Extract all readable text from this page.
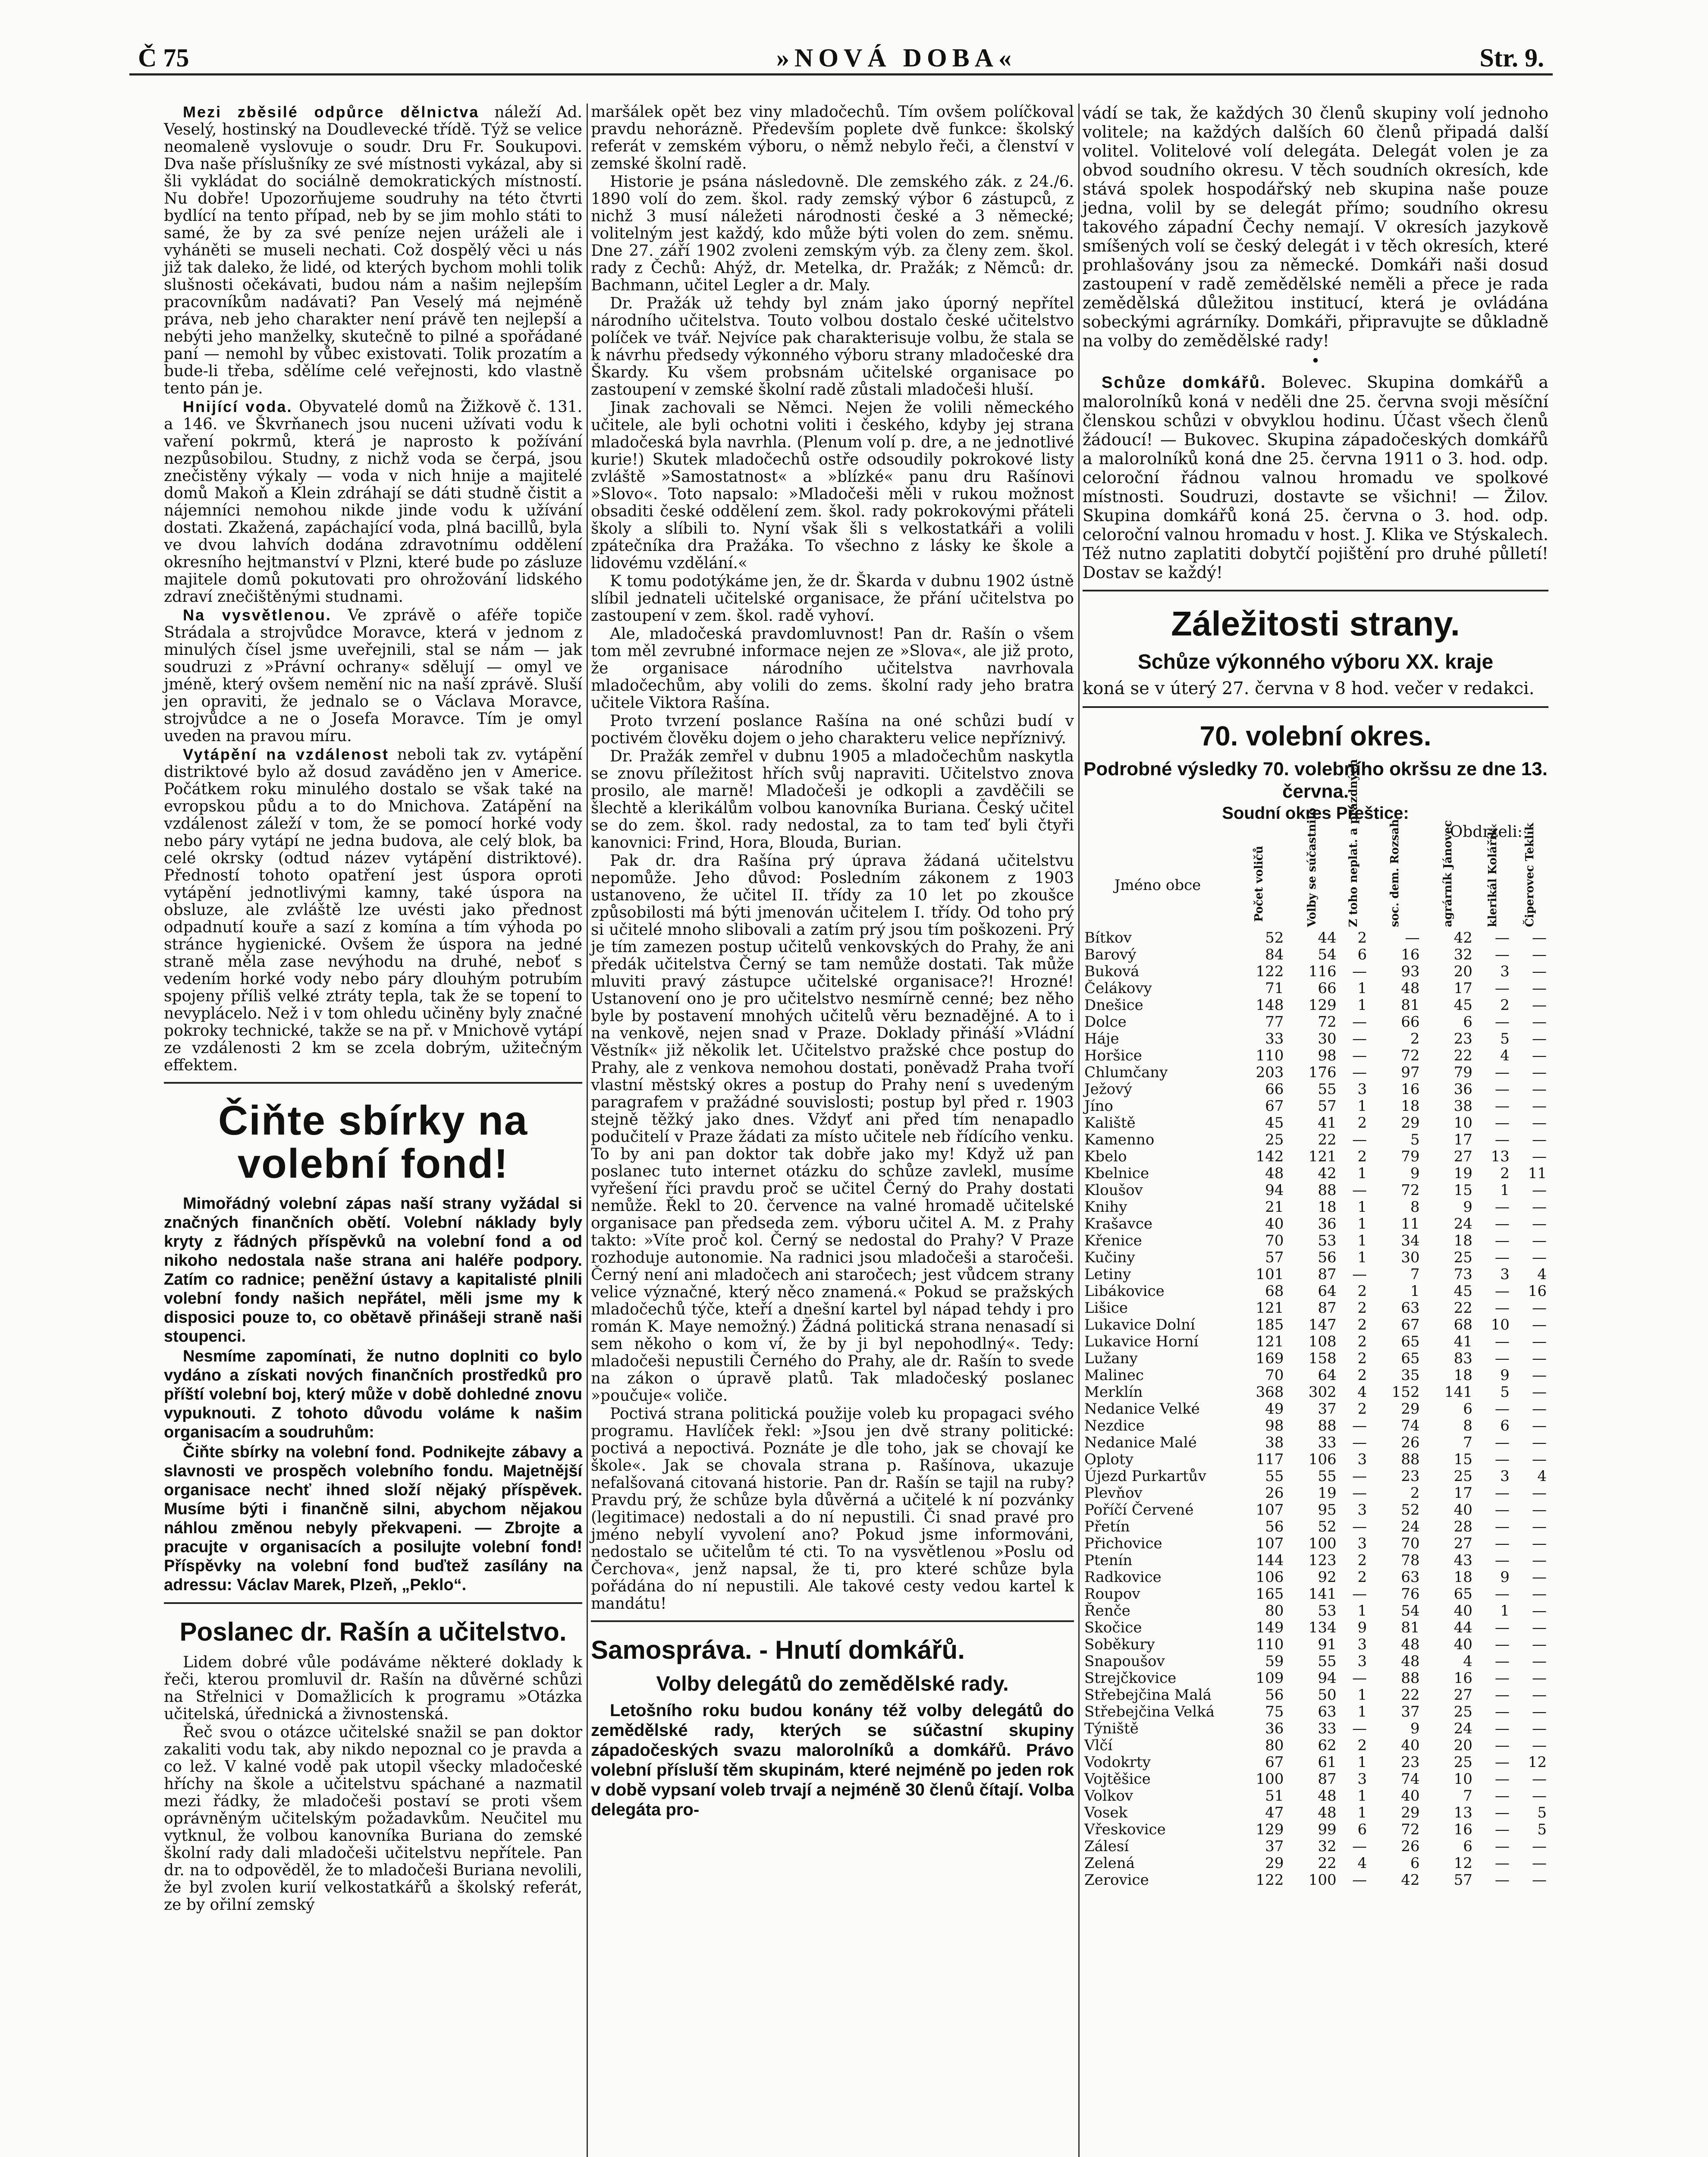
Č 75	»NOVÁ DOBA«	Str. 9.

Mezi zběsilé odpůrce dělnictva náleží Ad. Veselý, hostinský na Doudlevecké třídě. Týž se velice neomaleně vyslovuje o soudr. Dru Fr. Soukupovi. Dva naše příslušníky ze své místnosti vykázal, aby si šli vykládat do sociálně demokratických místností. Nu dobře! Upozorňujeme soudruhy na této čtvrti bydlící na tento případ, neb by se jim mohlo státi to samé, že by za své peníze nejen uráželi ale i vyháněti se museli nechati. Což dospělý věci u nás již tak daleko, že lidé, od kterých bychom mohli tolik slušnosti očekávati, budou nám a našim nejlepším pracovníkům nadávati? Pan Veselý má nejméně práva, neb jeho charakter není právě ten nejlepší a nebýti jeho manželky, skutečně to pilné a spořádané paní — nemohl by vůbec existovati. Tolik prozatím a bude-li třeba, sdělíme celé veřejnosti, kdo vlastně tento pán je.

Hnijící voda. Obyvatelé domů na Žižkově č. 131. a 146. ve Škvrňanech jsou nuceni užívati vodu k vaření pokrmů, která je naprosto k požívání nezpůsobilou. Studny, z nichž voda se čerpá, jsou znečistěny výkaly — voda v nich hnije a majitelé domů Makoň a Klein zdráhají se dáti studně čistit a nájemníci nemohou nikde jinde vodu k užívání dostati. Zkažená, zapáchající voda, plná bacillů, byla ve dvou lahvích dodána zdravotnímu oddělení okresního hejtmanství v Plzni, které bude po zásluze majitele domů pokutovati pro ohrožování lidského zdraví znečištěnými studnami.

Na vysvětlenou. Ve zprávě o aféře topiče Strádala a strojvůdce Moravce, která v jednom z minulých čísel jsme uveřejnili, stal se nám — jak soudruzi z »Právní ochrany« sdělují — omyl ve jméně, který ovšem nemění nic na naší zprávě. Sluší jen opraviti, že jednalo se o Václava Moravce, strojvůdce a ne o Josefa Moravce. Tím je omyl uveden na pravou míru.

Vytápění na vzdálenost neboli tak zv. vytápění distriktové bylo až dosud zaváděno jen v Americe. Počátkem roku minulého dostalo se však také na evropskou půdu a to do Mnichova. Zatápění na vzdálenost záleží v tom, že se pomocí horké vody nebo páry vytápí ne jedna budova, ale celý blok, ba celé okrsky (odtud název vytápění distriktové). Předností tohoto opatření jest úspora oproti vytápění jednotlivými kamny, také úspora na obsluze, ale zvláště lze uvésti jako přednost odpadnutí kouře a sazí z komína a tím výhoda po stránce hygienické. Ovšem že úspora na jedné straně měla zase nevýhodu na druhé, neboť s vedením horké vody nebo páry dlouhým potrubím spojeny příliš velké ztráty tepla, tak že se topení to nevyplácelo. Než i v tom ohledu učiněny byly značné pokroky technické, takže se na př. v Mnichově vytápí ze vzdálenosti 2 km se zcela dobrým, užitečným effektem.

Čiňte sbírky na volební fond!

Mimořádný volební zápas naší strany vyžádal si značných finančních obětí. Volební náklady byly kryty z řádných příspěvků na volební fond a od nikoho nedostala naše strana ani haléře podpory. Zatím co radnice; peněžní ústavy a kapitalisté plnili volební fondy našich nepřátel, měli jsme my k disposici pouze to, co obětavě přinášeji straně naši stoupenci.

Nesmíme zapomínati, že nutno doplniti co bylo vydáno a získati nových finančních prostředků pro příští volební boj, který může v době dohledné znovu vypuknouti. Z tohoto důvodu voláme k našim organisacím a soudruhům:

Čiňte sbírky na volební fond. Podnikejte zábavy a slavnosti ve prospěch volebního fondu. Majetnější organisace nechť ihned složí nějaký příspěvek. Musíme býti i finančně silni, abychom nějakou náhlou změnou nebyly překvapeni. — Zbrojte a pracujte v organisacích a posilujte volební fond! Příspěvky na volební fond buďtež zasílány na adressu: Václav Marek, Plzeň, „Peklo“.

Poslanec dr. Rašín a učitelstvo.

Lidem dobré vůle podáváme některé doklady k řeči, kterou promluvil dr. Rašín na důvěrné schůzi na Střelnici v Domažlicích k programu »Otázka učitelská, úřednická a živnostenská.

Řeč svou o otázce učitelské snažil se pan doktor zakaliti vodu tak, aby nikdo nepoznal co je pravda a co lež. V kalné vodě pak utopil všecky mladočeské hříchy na škole a učitelstvu spáchané a nazmatil mezi řádky, že mladočeši postaví se proti všem oprávněným učitelským požadavkům. Neučitel mu vytknul, že volbou kanovníka Buriana do zemské školní rady dali mladočeši učitelstvu nepřítele. Pan dr. na to odpověděl, že to mladočeši Buriana nevolili, že byl zvolen kurií velkostatkářů a školský referát, ze by ořilní zemský

maršálek opět bez viny mladočechů. Tím ovšem políčkoval pravdu nehorázně. Především poplete dvě funkce: školský referát v zemském výboru, o němž nebylo řeči, a členství v zemské školní radě.

Historie je psána následovně. Dle zemského zák. z 24./6. 1890 volí do zem. škol. rady zemský výbor 6 zástupců, z nichž 3 musí náležeti národnosti české a 3 německé; volitelným jest každý, kdo může býti volen do zem. sněmu. Dne 27. září 1902 zvoleni zemským výb. za členy zem. škol. rady z Čechů: Ahýž, dr. Metelka, dr. Pražák; z Němců: dr. Bachmann, učitel Legler a dr. Maly.

Dr. Pražák už tehdy byl znám jako úporný nepřítel národního učitelstva. Touto volbou dostalo české učitelstvo políček ve tvář. Nejvíce pak charakterisuje volbu, že stala se k návrhu předsedy výkonného výboru strany mladočeské dra Škardy. Ku všem probsnám učitelské organisace po zastoupení v zemské školní radě zůstali mladočeši hluší.

Jinak zachovali se Němci. Nejen že volili německého učitele, ale byli ochotni voliti i českého, kdyby jej strana mladočeská byla navrhla. (Plenum volí p. dre, a ne jednotlivé kurie!) Skutek mladočechů ostře odsoudily pokrokové listy zvláště »Samostatnost« a »blízké« panu dru Rašínovi »Slovo«. Toto napsalo: »Mladočeši měli v rukou možnost obsaditi české oddělení zem. škol. rady pokrokovými přáteli školy a slíbili to. Nyní však šli s velkostatkáři a volili zpátečníka dra Pražáka. To všechno z lásky ke škole a lidovému vzdělání.«

K tomu podotýkáme jen, že dr. Škarda v dubnu 1902 ústně slíbil jednateli učitelské organisace, že přání učitelstva po zastoupení v zem. škol. radě vyhoví.

Ale, mladočeská pravdomluvnost! Pan dr. Rašín o všem tom měl zevrubné informace nejen ze »Slova«, ale již proto, že organisace národního učitelstva navrhovala mladočechům, aby volili do zems. školní rady jeho bratra učitele Viktora Rašína.

Proto tvrzení poslance Rašína na oné schůzi budí v poctivém člověku dojem o jeho charakteru velice nepříznivý.

Dr. Pražák zemřel v dubnu 1905 a mladočechům naskytla se znovu příležitost hřích svůj napraviti. Učitelstvo znova prosilo, ale marně! Mladočeši je odkopli a zavděčili se šlechtě a klerikálům volbou kanovníka Buriana. Český učitel se do zem. škol. rady nedostal, za to tam teď byli čtyři kanovnici: Frind, Hora, Blouda, Burian.

Pak dr. dra Rašína prý úprava žádaná učitelstvu nepomůže. Jeho důvod: Posledním zákonem z 1903 ustanoveno, že učitel II. třídy za 10 let po zkoušce způsobilosti má býti jmenován učitelem I. třídy. Od toho prý si učitelé mnoho slibovali a zatím prý jsou tím poškozeni. Prý je tím zamezen postup učitelů venkovských do Prahy, že ani předák učitelstva Černý se tam nemůže dostati. Tak může mluviti pravý zástupce učitelské organisace?! Hrozné! Ustanovení ono je pro učitelstvo nesmírně cenné; bez něho byle by postavení mnohých učitelů věru beznadějné. A to i na venkově, nejen snad v Praze. Doklady přináší »Vládní Věstník« již několik let. Učitelstvo pražské chce postup do Prahy, ale z venkova nemohou dostati, poněvadž Praha tvoří vlastní městský okres a postup do Prahy není s uvedeným paragrafem v pražádné souvislosti; postup byl před r. 1903 stejně těžký jako dnes. Vždyť ani před tím nenapadlo podučitelí v Praze žádati za místo učitele neb řídícího venku. To by ani pan doktor tak dobře jako my! Když už pan poslanec tuto internet otázku do schůze zavlekl, musíme vyřešení říci pravdu proč se učitel Černý do Prahy dostati nemůže. Řekl to 20. července na valné hromadě učitelské organisace pan předseda zem. výboru učitel A. M. z Prahy takto: »Víte proč kol. Černý se nedostal do Prahy? V Praze rozhoduje autonomie. Na radnici jsou mladočeši a staročeši. Černý není ani mladočech ani staročech; jest vůdcem strany velice význačné, který něco znamená.« Pokud se pražských mladočechů týče, kteří a dnešní kartel byl nápad tehdy i pro román K. Maye nemožný.) Žádná politická strana nenasadí si sem někoho o kom ví, že by ji byl nepohodlný«. Tedy: mladočeši nepustili Černého do Prahy, ale dr. Rašín to svede na zákon o úpravě platů. Tak mladočeský poslanec »poučuje« voliče.

Poctivá strana politická použije voleb ku propagaci svého programu. Havlíček řekl: »Jsou jen dvě strany politické: poctivá a nepoctivá. Poznáte je dle toho, jak se chovají ke škole«. Jak se chovala strana p. Rašínova, ukazuje nefalšovaná citovaná historie. Pan dr. Rašín se tajil na ruby? Pravdu prý, že schůze byla důvěrná a učitelé k ní pozvánky (legitimace) nedostali a do ní nepustili. Či snad pravé pro jméno nebylí vyvolení ano? Pokud jsme informováni, nedostalo se učitelům té cti. To na vysvětlenou »Poslu od Čerchova«, jenž napsal, že ti, pro které schůze byla pořádána do ní nepustili. Ale takové cesty vedou kartel k mandátu!

Samospráva. - Hnutí domkářů.
Volby delegátů do zemědělské rady.

Letošního roku budou konány též volby delegátů do zemědělské rady, kterých se súčastní skupiny západočeských svazu malorolníků a domkářů. Právo volební přísluší těm skupinám, které nejméně po jeden rok v době vypsaní voleb trvají a nejméně 30 členů čítají. Volba delegáta pro-

vádí se tak, že každých 30 členů skupiny volí jednoho volitele; na každých dalších 60 členů připadá další volitel. Volitelové volí delegáta. Delegát volen je za obvod soudního okresu. V těch soudních okresích, kde stává spolek hospodářský neb skupina naše pouze jedna, volil by se delegát přímo; soudního okresu takového západní Čechy nemají. V okresích jazykově smíšených volí se český delegát i v těch okresích, které prohlašovány jsou za německé. Domkáři naši dosud zastoupení v radě zemědělské neměli a přece je rada zemědělská důležitou institucí, která je ovládána sobeckými agrárníky. Domkáři, připravujte se důkladně na volby do zemědělské rady!

•

Schůze domkářů. Bolevec. Skupina domkářů a malorolníků koná v neděli dne 25. června svoji měsíční členskou schůzi v obvyklou hodinu. Účast všech členů žádoucí! — Bukovec. Skupina západočeských domkářů a malorolníků koná dne 25. června 1911 o 3. hod. odp. celoroční řádnou valnou hromadu ve spolkové místnosti. Soudruzi, dostavte se všichni! — Žilov. Skupina domkářů koná 25. června o 3. hod. odp. celoroční valnou hromadu v host. J. Klika ve Stýskalech. Též nutno zaplatiti dobytčí pojištění pro druhé půlletí! Dostav se každý!

Záležitosti strany.
Schůze výkonného výboru XX. kraje

koná se v úterý 27. června v 8 hod. večer v redakci.

70. volební okres.
Podrobné výsledky 70. volebního okršsu ze dne 13. června.
Soudní okres Přeštice:
Obdrželi:
Jméno obce	Počet voličů	Volby se súčastnilo	Z toho neplat. a prázdných	soc. dem. Rozsah	agrárník Jánovec	klerikál Kolářík	Čiperovec Teklík
Bítkov	52	44	2	—	42	—	—
Barový	84	54	6	16	32	—	—
Buková	122	116	—	93	20	3	—
Čelákovy	71	66	1	48	17	—	—
Dnešice	148	129	1	81	45	2	—
Dolce	77	72	—	66	6	—	—
Háje	33	30	—	2	23	5	—
Horšice	110	98	—	72	22	4	—
Chlumčany	203	176	—	97	79	—	—
Ježový	66	55	3	16	36	—	—
Jíno	67	57	1	18	38	—	—
Kaliště	45	41	2	29	10	—	—
Kamenno	25	22	—	5	17	—	—
Kbelo	142	121	2	79	27	13	—
Kbelnice	48	42	1	9	19	2	11
Kloušov	94	88	—	72	15	1	—
Knihy	21	18	1	8	9	—	—
Krašavce	40	36	1	11	24	—	—
Křenice	70	53	1	34	18	—	—
Kučiny	57	56	1	30	25	—	—
Letiny	101	87	—	7	73	3	4
Libákovice	68	64	2	1	45	—	16
Lišice	121	87	2	63	22	—	—
Lukavice Dolní	185	147	2	67	68	10	—
Lukavice Horní	121	108	2	65	41	—	—
Lužany	169	158	2	65	83	—	—
Malinec	70	64	2	35	18	9	—
Merklín	368	302	4	152	141	5	—
Nedanice Velké	49	37	2	29	6	—	—
Nezdice	98	88	—	74	8	6	—
Nedanice Malé	38	33	—	26	7	—	—
Oploty	117	106	3	88	15	—	—
Újezd Purkartův	55	55	—	23	25	3	4
Plevňov	26	19	—	2	17	—	—
Poříčí Červené	107	95	3	52	40	—	—
Přetín	56	52	—	24	28	—	—
Přichovice	107	100	3	70	27	—	—
Ptenín	144	123	2	78	43	—	—
Radkovice	106	92	2	63	18	9	—
Roupov	165	141	—	76	65	—	—
Řenče	80	53	1	54	40	1	—
Skočice	149	134	9	81	44	—	—
Soběkury	110	91	3	48	40	—	—
Snapoušov	59	55	3	48	4	—	—
Strejčkovice	109	94	—	88	16	—	—
Střebejčina Malá	56	50	1	22	27	—	—
Střebejčina Velká	75	63	1	37	25	—	—
Týniště	36	33	—	9	24	—	—
Vlčí	80	62	2	40	20	—	—
Vodokrty	67	61	1	23	25	—	12
Vojtěšice	100	87	3	74	10	—	—
Volkov	51	48	1	40	7	—	—
Vosek	47	48	1	29	13	—	5
Vřeskovice	129	99	6	72	16	—	5
Zálesí	37	32	—	26	6	—	—
Zelená	29	22	4	6	12	—	—
Zerovice	122	100	—	42	57	—	—
